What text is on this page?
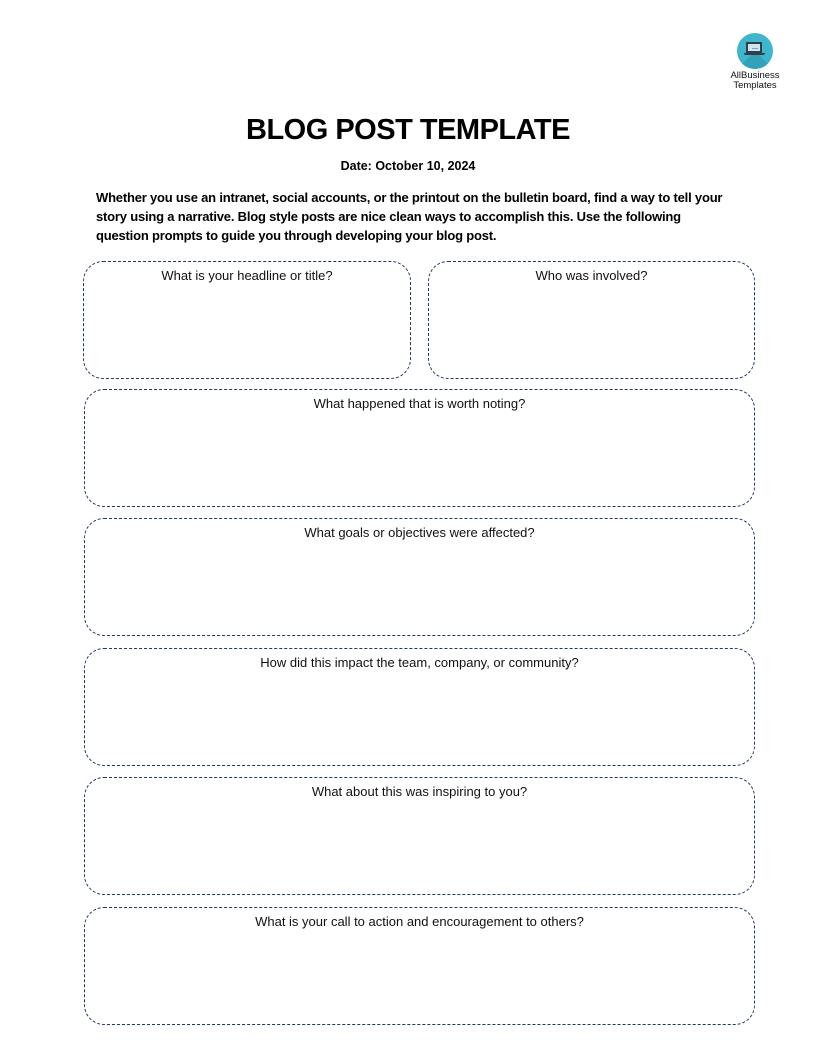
AllBusiness
Templates
BLOG POST TEMPLATE
Date: October 10, 2024
Whether you use an intranet, social accounts, or the printout on the bulletin board, find a way to tell your story using a narrative. Blog style posts are nice clean ways to accomplish this. Use the following question prompts to guide you through developing your blog post.
What is your headline or title?	Who was involved?
What happened that is worth noting?
What goals or objectives were affected?
How did this impact the team, company, or community?
What about this was inspiring to you?
What is your call to action and encouragement to others?
